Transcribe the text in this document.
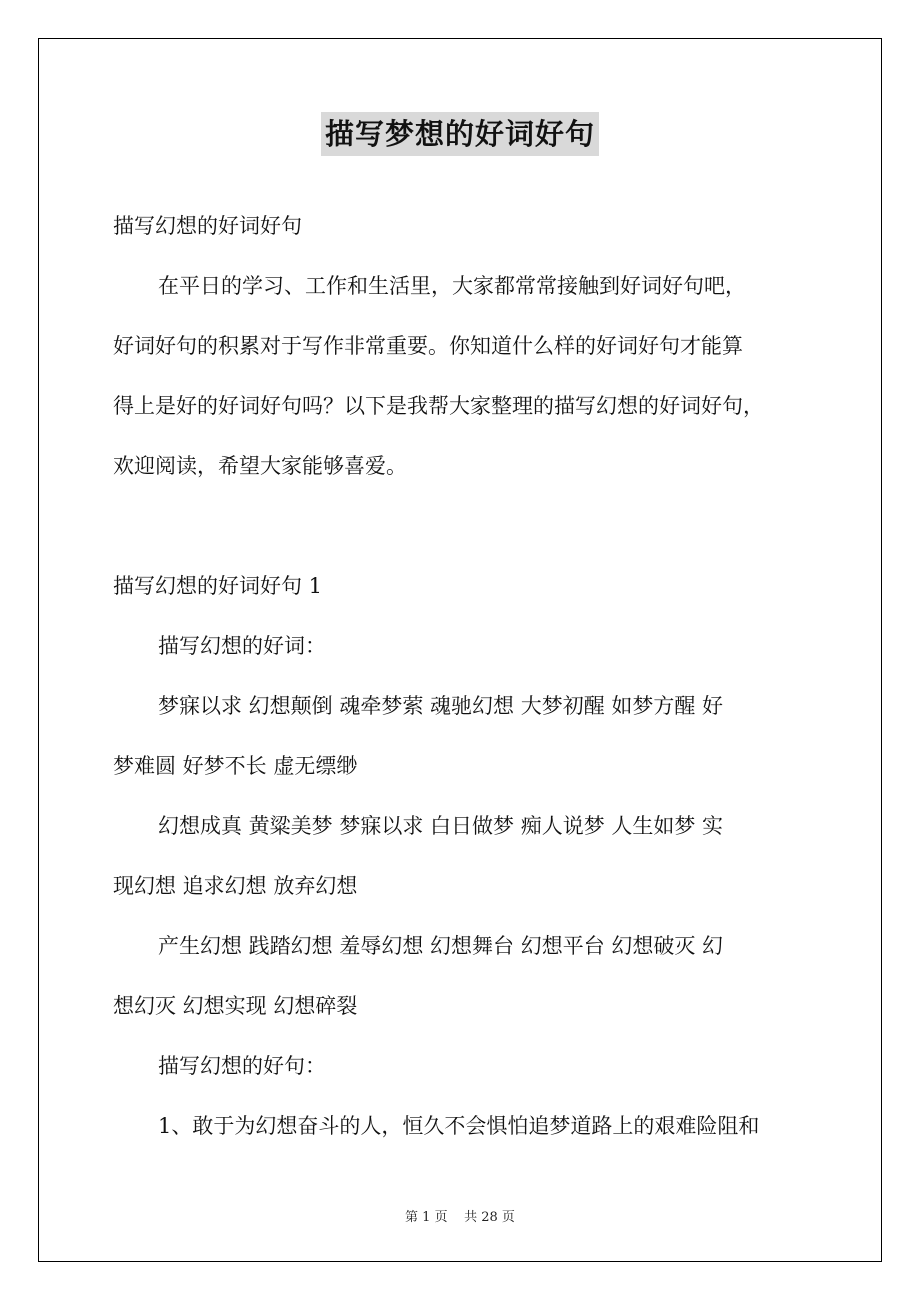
描写梦想的好词好句
描写幻想的好词好句
在平日的学习、工作和生活里，大家都常常接触到好词好句吧，
好词好句的积累对于写作非常重要。你知道什么样的好词好句才能算
得上是好的好词好句吗？以下是我帮大家整理的描写幻想的好词好句，
欢迎阅读，希望大家能够喜爱。
描写幻想的好词好句 1
描写幻想的好词：
梦寐以求 幻想颠倒 魂牵梦萦 魂驰幻想 大梦初醒 如梦方醒 好
梦难圆 好梦不长 虚无缥缈
幻想成真 黄粱美梦 梦寐以求 白日做梦 痴人说梦 人生如梦 实
现幻想 追求幻想 放弃幻想
产生幻想 践踏幻想 羞辱幻想 幻想舞台 幻想平台 幻想破灭 幻
想幻灭 幻想实现 幻想碎裂
描写幻想的好句：
1、敢于为幻想奋斗的人，恒久不会惧怕追梦道路上的艰难险阻和
第 1 页 共 28 页
